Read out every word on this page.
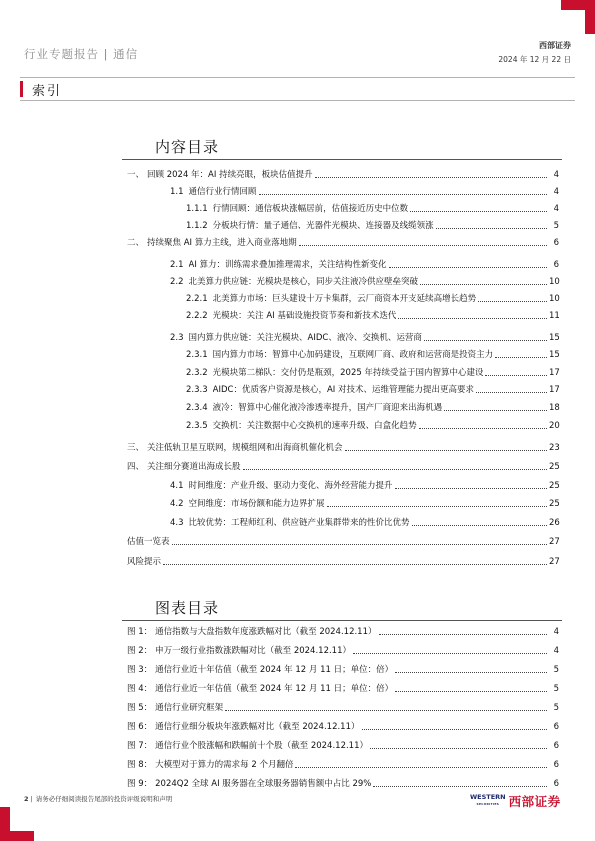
行业专题报告 | 通信
西部证券
2024 年 12 月 22 日
索引
内容目录
一、 回顾 2024 年：AI 持续亮眼，板块估值提升	4
1.1 通信行业行情回顾	4
1.1.1 行情回顾：通信板块涨幅居前，估值接近历史中位数	4
1.1.2 分板块行情：量子通信、光器件光模块、连接器及线缆领涨	5
二、 持续聚焦 AI 算力主线，进入商业落地期	6
2.1 AI 算力：训练需求叠加推理需求，关注结构性新变化	6
2.2 北美算力供应链：光模块是核心，同步关注液冷供应壁垒突破	10
2.2.1 北美算力市场：巨头建设十万卡集群，云厂商资本开支延续高增长趋势	10
2.2.2 光模块：关注 AI 基础设施投资节奏和新技术迭代	11
2.3 国内算力供应链：关注光模块、AIDC、液冷、交换机、运营商	15
2.3.1 国内算力市场：智算中心加码建设，互联网厂商、政府和运营商是投资主力	15
2.3.2 光模块第二梯队：交付仍是瓶颈，2025 年持续受益于国内智算中心建设	17
2.3.3 AIDC：优质客户资源是核心，AI 对技术、运维管理能力提出更高要求	17
2.3.4 液冷：智算中心催化液冷渗透率提升，国产厂商迎来出海机遇	18
2.3.5 交换机：关注数据中心交换机的速率升级、白盒化趋势	20
三、 关注低轨卫星互联网，规模组网和出海商机催化机会	23
四、 关注细分赛道出海成长股	25
4.1 时间维度：产业升级、驱动力变化、海外经营能力提升	25
4.2 空间维度：市场份额和能力边界扩展	25
4.3 比较优势：工程师红利、供应链产业集群带来的性价比优势	26
估值一览表	27
风险提示	27
图表目录
图 1： 通信指数与大盘指数年度涨跌幅对比（截至 2024.12.11）	4
图 2： 申万一级行业指数涨跌幅对比（截至 2024.12.11）	4
图 3： 通信行业近十年估值（截至 2024 年 12 月 11 日；单位：倍）	5
图 4： 通信行业近一年估值（截至 2024 年 12 月 11 日；单位：倍）	5
图 5： 通信行业研究框架	5
图 6： 通信行业细分板块年涨跌幅对比（截至 2024.12.11）	6
图 7： 通信行业个股涨幅和跌幅前十个股（截至 2024.12.11）	6
图 8： 大模型对于算力的需求每 2 个月翻倍	6
图 9： 2024Q2 全球 AI 服务器在全球服务器销售额中占比 29%	6
2 | 请务必仔细阅读报告尾部的投资评级说明和声明	WESTERN
SECURITIES 西部证券
